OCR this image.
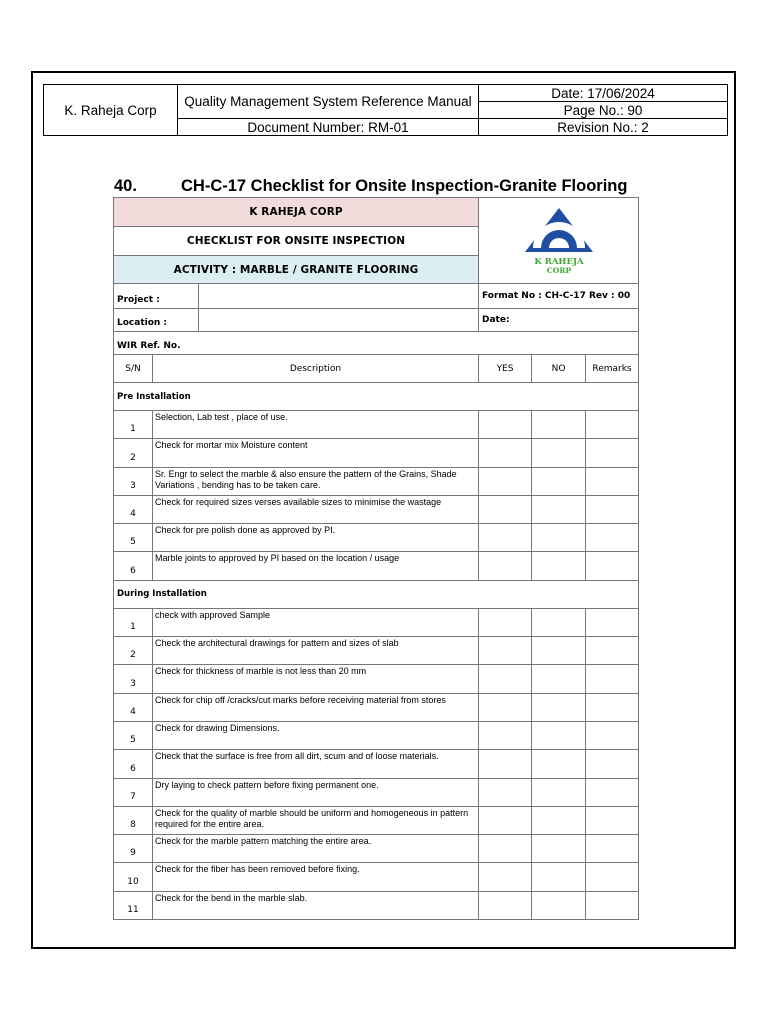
K. Raheja Corp	Quality Management System Reference Manual	Date: 17/06/2024
		Page No.: 90
	Document Number: RM-01	Revision No.: 2
40.	CH-C-17 Checklist for Onsite Inspection-Granite Flooring
K RAHEJA CORP			K RAHEJA
CORP		

CHECKLIST FOR ONSITE INSPECTION					
ACTIVITY : MARBLE / GRANITE FLOORING					
Project :			Format No : CH-C-17 Rev : 00		
Location :			Date:		
WIR Ref. No.					
S/N	Description		YES	NO	Remarks
Pre Installation					
1	Selection, Lab test , place of use.				
2	Check for mortar mix Moisture content				
3	Sr. Engr to select the marble & also ensure the pattern of the Grains, Shade Variations , bending has to be taken care.				
4	Check for required sizes verses available sizes to minimise the wastage				
5	Check for pre polish done as approved by PI.				
6	Marble joints to approved by PI based on the location / usage				
During Installation					
1	check with approved Sample				
2	Check the architectural drawings for pattern and sizes of slab				
3	Check for thickness of marble is not less than 20 mm				
4	Check for chip off /cracks/cut marks before receiving material from stores				
5	Check for drawing Dimensions.				
6	Check that the surface is free from all dirt, scum and of loose materials.				
7	Dry laying to check pattern before fixing permanent one.				
8	Check for the quality of marble should be uniform and homogeneous in pattern required for the entire area.				
9	Check for the marble pattern matching the entire area.				
10	Check for the fiber has been removed before fixing.				
11	Check for the bend in the marble slab.				
